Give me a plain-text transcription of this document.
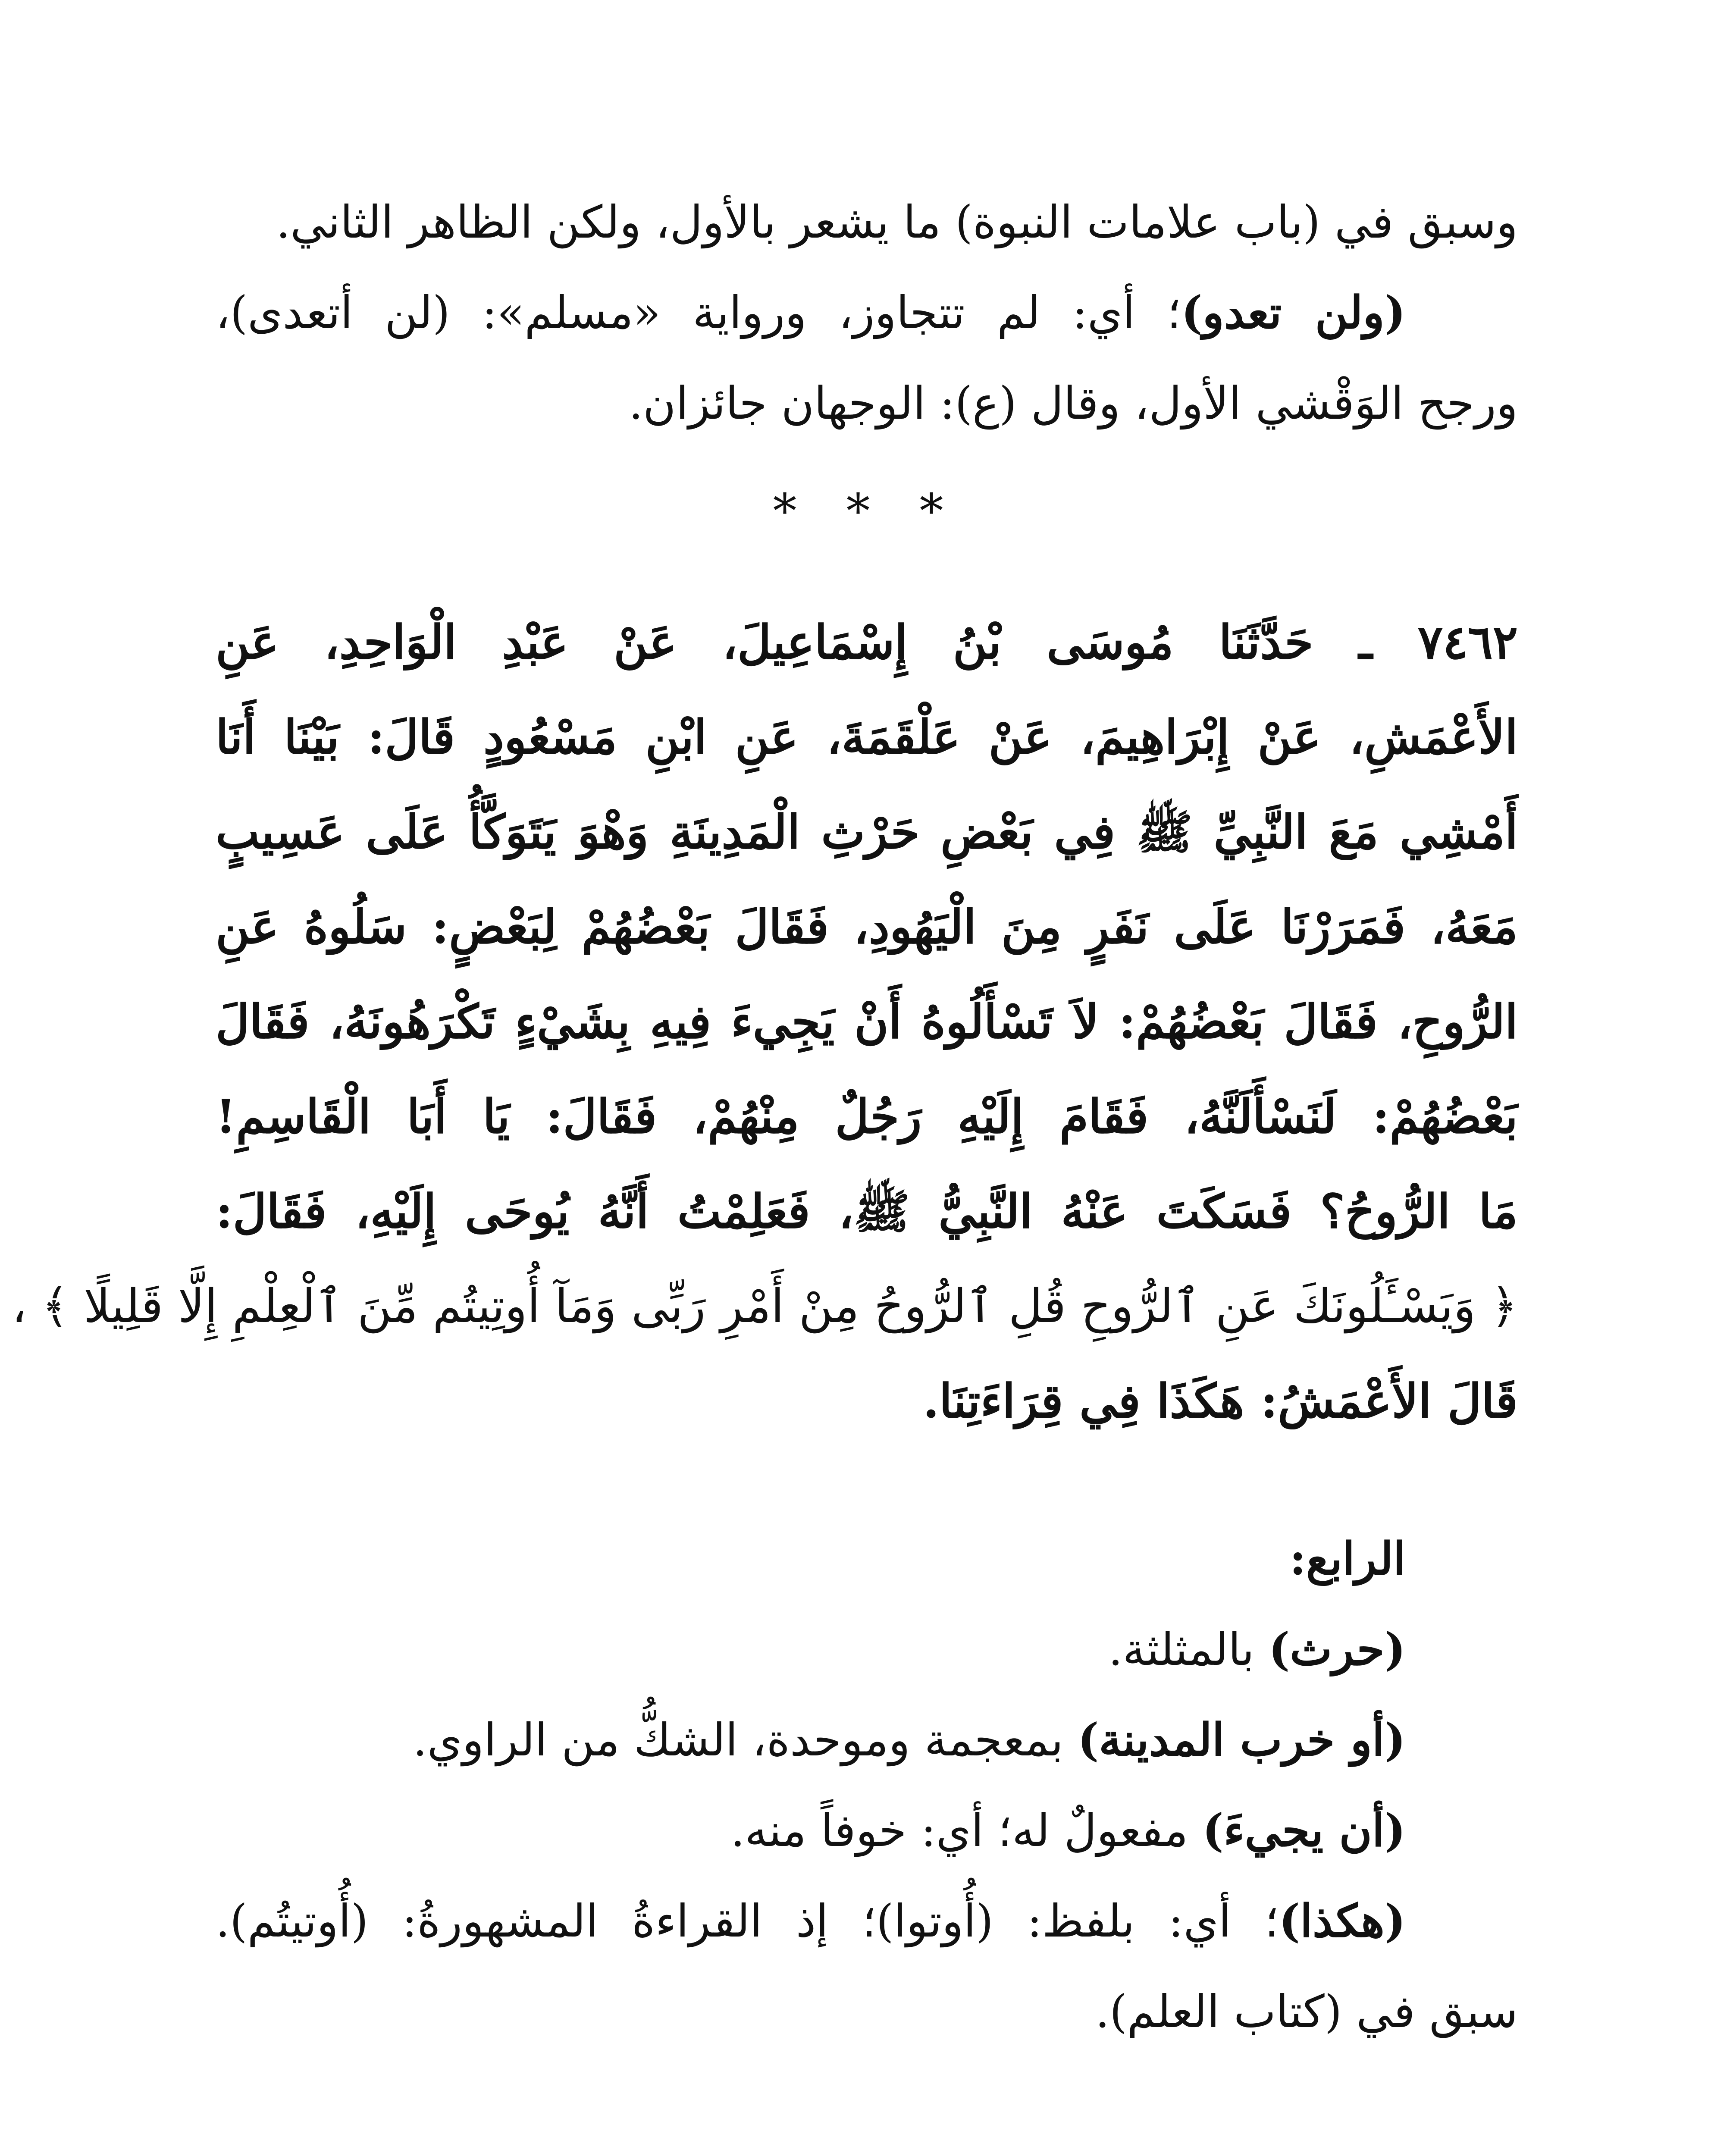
وسبق في (باب علامات النبوة) ما يشعر بالأول، ولكن الظاهر الثاني.

(ولن تعدو)؛ أي: لم تتجاوز، ورواية «مسلم»: (لن أتعدى)،

ورجح الوَقْشي الأول، وقال (ع): الوجهان جائزان.

* * *

٧٤٦٢ ـ حَدَّثَنَا مُوسَى بْنُ إِسْمَاعِيلَ، عَنْ عَبْدِ الْوَاحِدِ، عَنِ

الأَعْمَشِ، عَنْ إِبْرَاهِيمَ، عَنْ عَلْقَمَةَ، عَنِ ابْنِ مَسْعُودٍ قَالَ: بَيْنَا أَنَا

أَمْشِي مَعَ النَّبِيِّ ﷺ فِي بَعْضِ حَرْثِ الْمَدِينَةِ وَهْوَ يَتَوَكَّأُ عَلَى عَسِيبٍ

مَعَهُ، فَمَرَرْنَا عَلَى نَفَرٍ مِنَ الْيَهُودِ، فَقَالَ بَعْضُهُمْ لِبَعْضٍ: سَلُوهُ عَنِ

الرُّوحِ، فَقَالَ بَعْضُهُمْ: لاَ تَسْأَلُوهُ أَنْ يَجِيءَ فِيهِ بِشَيْءٍ تَكْرَهُونَهُ، فَقَالَ

بَعْضُهُمْ: لَنَسْأَلَنَّهُ، فَقَامَ إِلَيْهِ رَجُلٌ مِنْهُمْ، فَقَالَ: يَا أَبَا الْقَاسِمِ!

مَا الرُّوحُ؟ فَسَكَتَ عَنْهُ النَّبِيُّ ﷺ، فَعَلِمْتُ أَنَّهُ يُوحَى إِلَيْهِ، فَقَالَ:

﴿ وَيَسْـَٔلُونَكَ عَنِ ٱلرُّوحِ قُلِ ٱلرُّوحُ مِنْ أَمْرِ رَبِّى وَمَآ أُوتِيتُم مِّنَ ٱلْعِلْمِ إِلَّا قَلِيلًا ﴾ ،

قَالَ الأَعْمَشُ: هَكَذَا فِي قِرَاءَتِنَا.

الرابع:

(حرث) بالمثلثة.

(أو خرب المدينة) بمعجمة وموحدة، الشكُّ من الراوي.

(أن يجيءَ) مفعولٌ له؛ أي: خوفاً منه.

(هكذا)؛ أي: بلفظ: (أُوتوا)؛ إذ القراءةُ المشهورةُ: (أُوتيتُم).

سبق في (كتاب العلم).
